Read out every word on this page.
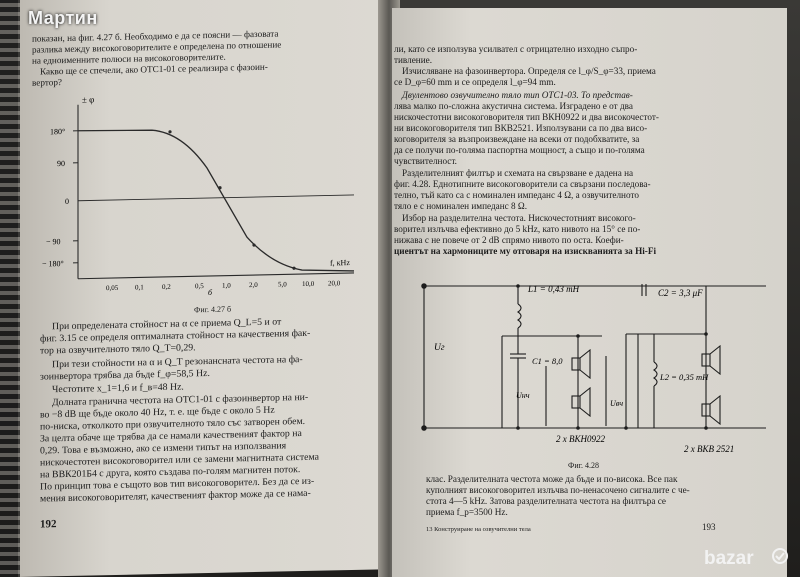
показан, на фиг. 4.27 б. Необходимо е да се поясни — фазовата
разлика между високоговорителите е определена по отношение
на едноименните полюси на високоговорителите.
Какво ще се спечели, ако ОТС1-01 се реализира с фазоин-
вертор?
± φ
180°
90
0
− 90
− 180°
0,05 0,1	0,2	0,5	1,0	2,0	5,0 10,0 20,0
f, кHz
б
Фиг. 4.27 б
При определената стойност на α се приема Q_L=5 и от
фиг. 3.15 се определя оптималната стойност на качествения фак-
тор на озвучителното тяло Q_T=0,29.
При тези стойности на α и Q_T резонансната честота на фа-
зоинвертора трябва да бъде f_φ=58,5 Hz.
Честотите x_1=1,6 и f_в=48 Hz.
Долната гранична честота на ОТС1-01 с фазоинвертор на ни-
во −8 dB ще бъде около 40 Hz, т. е. ще бъде с около 5 Hz
по-ниска, отколкото при озвучителното тяло със затворен обем.
За целта обаче ще трябва да се намали качественият фактор на
0,29. Това е възможно, ако се измени типът на използвания
нискочестотен високоговорител или се замени магнитната система
на ВВК201Б4 с друга, която създава по-голям магнитен поток.
По принцип това е същото вов тип високоговорител. Без да се из-
мения високоговорителят, качественият фактор може да се нама-
192
ли, като се използува усилвател с отрицателно изходно съпро-
тивление.
Изчисляване на фазоинвертора. Определя се l_φ/S_φ=33, приема
се D_φ=60 mm и се определя l_φ=94 mm.
Двулентово озвучително тяло тип ОТС1-03. То представ-
лява малко по-сложна акустична система. Изградено е от два
нискочестотни високоговорителя тип ВКН0922 и два високочестот-
ни високоговорителя тип ВКВ2521. Използувани са по два висо-
коговорителя за възпроизвеждане на всеки от подобхватите, за
да се получи по-голяма паспортна мощност, а също и по-голяма
чувствителност.
Разделителният филтър и схемата на свързване е дадена на
фиг. 4.28. Еднотипните високоговорители са свързани последова-
телно, тъй като са с номинален импеданс 4 Ω, а озвучителното
тяло е с номинален импеданс 8 Ω.
Избор на разделителна честота. Нискочестотният високого-
ворител излъчва ефективно до 5 kHz, като нивото на 15° се по-
нижава с не повече от 2 dB спрямо нивото по оста. Коефи-
циентът на хармониците му отговаря на изискванията за Hi-Fi
L1 = 0,43 mH	C2 = 3,3 μF
C1 = 8,0
L2 = 0,35 mH
Uг
Uнч
Uвч
2 x ВКН0922
2 x ВКВ 2521
Фиг. 4.28
клас. Разделителната честота може да бъде и по-висока. Все пак
куполният високоговорител излъчва по-ненасочено сигналите с че-
стота 4—5 kHz. Затова разделителната честота на филтъра се
приема f_р=3500 Hz.
13 Конструиране на озвучителни тела	193
Мартин
bazar
